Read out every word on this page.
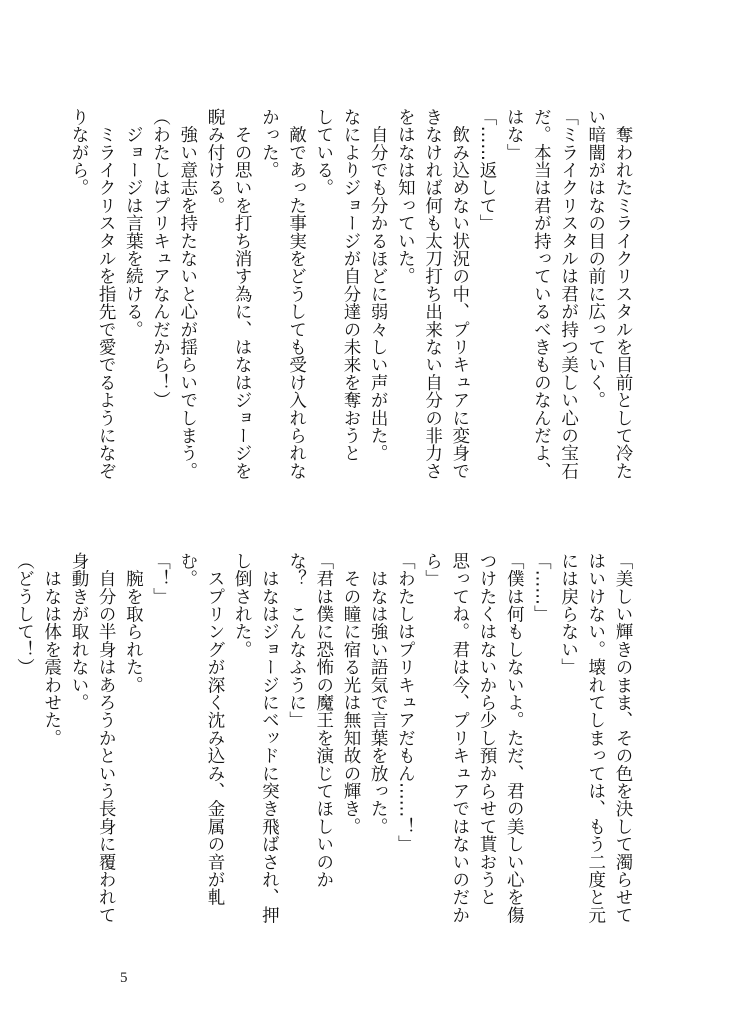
　奪われたミライクリスタルを目前として冷た
い暗闇がはなの目の前に広っていく。
「ミライクリスタルは君が持つ美しい心の宝石
だ。本当は君が持っているべきものなんだよ、
はな」
「……返して」
　飲み込めない状況の中、プリキュアに変身で
きなければ何も太刀打ち出来ない自分の非力さ
をはなは知っていた。
　自分でも分かるほどに弱々しい声が出た。
なによりジョージが自分達の未来を奪おうと
している。
　敵であった事実をどうしても受け入れられな
かった。
　その思いを打ち消す為に、はなはジョージを
睨み付ける。
　強い意志を持たないと心が揺らいでしまう。
（わたしはプリキュアなんだから！）
　ジョージは言葉を続ける。
　ミライクリスタルを指先で愛でるようになぞ
りながら。
「美しい輝きのまま、その色を決して濁らせて
はいけない。壊れてしまっては、もう二度と元
には戻らない」
「……」
「僕は何もしないよ。ただ、君の美しい心を傷
つけたくはないから少し預からせて貰おうと
思ってね。君は今、プリキュアではないのだか
ら」
「わたしはプリキュアだもん……！」
　はなは強い語気で言葉を放った。
　その瞳に宿る光は無知故の輝き。
「君は僕に恐怖の魔王を演じてほしいのか
な？　こんなふうに」
　はなはジョージにベッドに突き飛ばされ、押
し倒された。
　スプリングが深く沈み込み、金属の音が軋
む。
「！」
　腕を取られた。
　自分の半身はあろうかという長身に覆われて
身動きが取れない。
　はなは体を震わせた。
（どうして！）
5
